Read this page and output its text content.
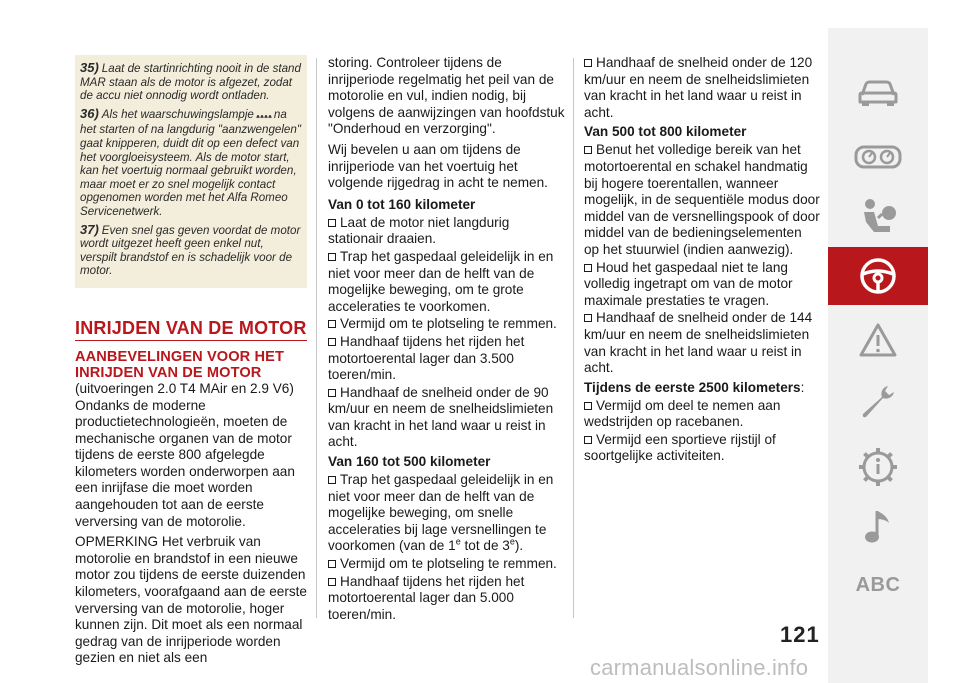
35) Laat de startinrichting nooit in de stand MAR staan als de motor is afgezet, zodat de accu niet onnodig wordt ontladen.

36) Als het waarschuwingslampje na
het starten of na langdurig "aanzwengelen" gaat knipperen, duidt dit op een defect van het voorgloeisysteem. Als de motor start, kan het voertuig normaal gebruikt worden, maar moet er zo snel mogelijk contact opgenomen worden met het Alfa Romeo Servicenetwerk.

37) Even snel gas geven voordat de motor wordt uitgezet heeft geen enkel nut, verspilt brandstof en is schadelijk voor de motor.

INRIJDEN VAN DE MOTOR
AANBEVELINGEN VOOR HET INRIJDEN VAN DE MOTOR

(uitvoeringen 2.0 T4 MAir en 2.9 V6)

Ondanks de moderne productietechnologieën, moeten de mechanische organen van de motor tijdens de eerste 800 afgelegde kilometers worden onderworpen aan een inrijfase die moet worden aangehouden tot aan de eerste verversing van de motorolie.

OPMERKING Het verbruik van motorolie en brandstof in een nieuwe motor zou tijdens de eerste duizenden kilometers, voorafgaand aan de eerste verversing van de motorolie, hoger kunnen zijn. Dit moet als een normaal gedrag van de inrijperiode worden gezien en niet als een

storing. Controleer tijdens de inrijperiode regelmatig het peil van de motorolie en vul, indien nodig, bij volgens de aanwijzingen van hoofdstuk "Onderhoud en verzorging".

Wij bevelen u aan om tijdens de inrijperiode van het voertuig het volgende rijgedrag in acht te nemen.

Van 0 tot 160 kilometer
Laat de motor niet langdurig stationair draaien.
Trap het gaspedaal geleidelijk in en niet voor meer dan de helft van de mogelijke beweging, om te grote acceleraties te voorkomen.
Vermijd om te plotseling te remmen.
Handhaaf tijdens het rijden het motortoerental lager dan 3.500 toeren/min.
Handhaaf de snelheid onder de 90 km/uur en neem de snelheidslimieten van kracht in het land waar u reist in acht.
Van 160 tot 500 kilometer
Trap het gaspedaal geleidelijk in en niet voor meer dan de helft van de mogelijke beweging, om snelle acceleraties bij lage versnellingen te voorkomen (van de 1e tot de 3e).
Vermijd om te plotseling te remmen.
Handhaaf tijdens het rijden het motortoerental lager dan 5.000 toeren/min.
Handhaaf de snelheid onder de 120 km/uur en neem de snelheidslimieten van kracht in het land waar u reist in acht.
Van 500 tot 800 kilometer
Benut het volledige bereik van het motortoerental en schakel handmatig bij hogere toerentallen, wanneer mogelijk, in de sequentiële modus door middel van de versnellingspook of door middel van de bedieningselementen op het stuurwiel (indien aanwezig).
Houd het gaspedaal niet te lang volledig ingetrapt om van de motor maximale prestaties te vragen.
Handhaaf de snelheid onder de 144 km/uur en neem de snelheidslimieten van kracht in het land waar u reist in acht.
Tijdens de eerste 2500 kilometers:
Vermijd om deel te nemen aan wedstrijden op racebanen.
Vermijd een sportieve rijstijl of soortgelijke activiteiten.
ABC
121
carmanualsonline.info
